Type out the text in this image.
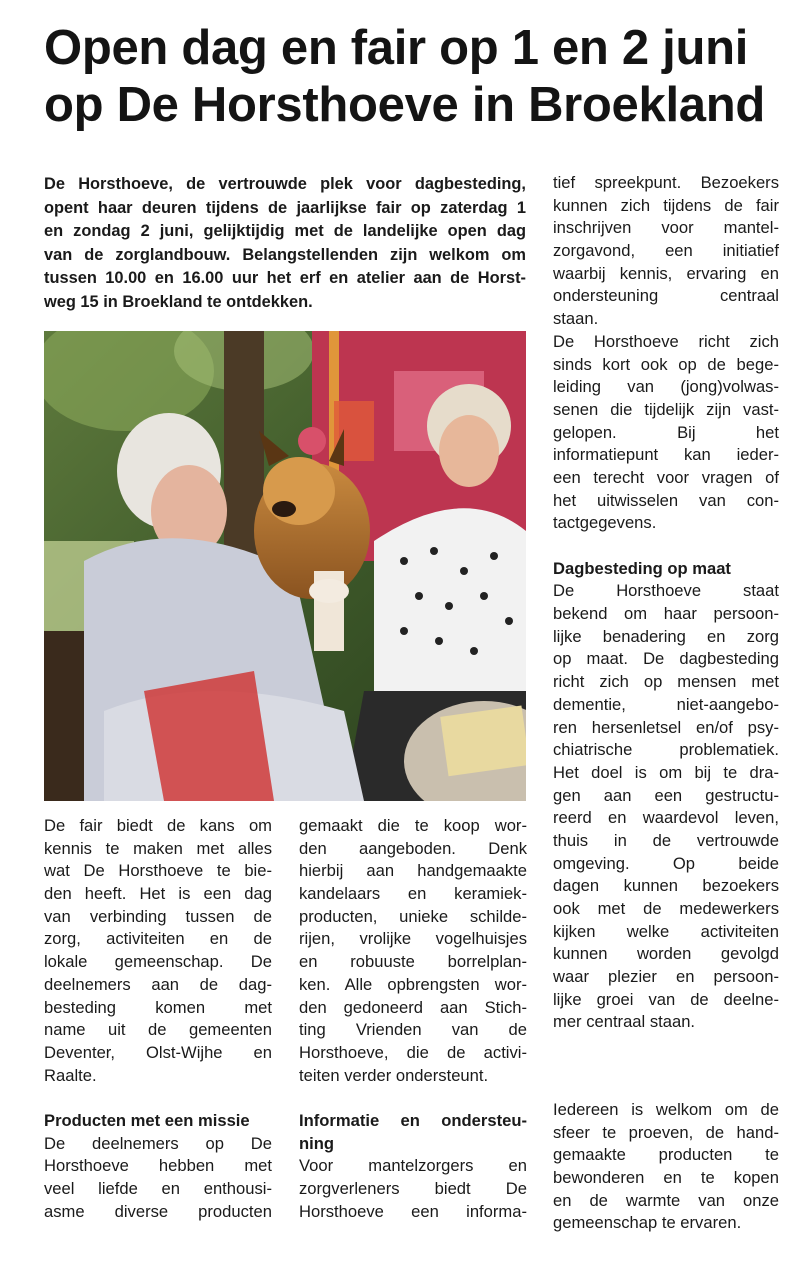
Open dag en fair op 1 en 2 juni
op De Horsthoeve in Broekland
De Horsthoeve, de vertrouwde plek voor dagbesteding,
opent haar deuren tijdens de jaarlijkse fair op zaterdag 1
en zondag 2 juni, gelijktijdig met de landelijke open dag
van de zorglandbouw. Belangstellenden zijn welkom om
tussen 10.00 en 16.00 uur het erf en atelier aan de Horst-
weg 15 in Broekland te ontdekken.
De fair biedt de kans om
kennis te maken met alles
wat De Horsthoeve te bie-
den heeft. Het is een dag
van verbinding tussen de
zorg, activiteiten en de
lokale gemeenschap. De
deelnemers aan de dag-
besteding komen met
name uit de gemeenten
Deventer, Olst-Wijhe en
Raalte.
Producten met een missie
De deelnemers op De
Horsthoeve hebben met
veel liefde en enthousi-
asme diverse producten
gemaakt die te koop wor-
den aangeboden. Denk
hierbij aan handgemaakte
kandelaars en keramiek-
producten, unieke schilde-
rijen, vrolijke vogelhuisjes
en robuuste borrelplan-
ken. Alle opbrengsten wor-
den gedoneerd aan Stich-
ting Vrienden van de
Horsthoeve, die de activi-
teiten verder ondersteunt.
Informatie en ondersteu-
ning
Voor mantelzorgers en
zorgverleners biedt De
Horsthoeve een informa-
tief spreekpunt. Bezoekers
kunnen zich tijdens de fair
inschrijven voor mantel-
zorgavond, een initiatief
waarbij kennis, ervaring en
ondersteuning centraal
staan.
De Horsthoeve richt zich
sinds kort ook op de bege-
leiding van (jong)volwas-
senen die tijdelijk zijn vast-
gelopen. Bij het
informatiepunt kan ieder-
een terecht voor vragen of
het uitwisselen van con-
tactgegevens.
Dagbesteding op maat
De Horsthoeve staat
bekend om haar persoon-
lijke benadering en zorg
op maat. De dagbesteding
richt zich op mensen met
dementie, niet-aangebo-
ren hersenletsel en/of psy-
chiatrische problematiek.
Het doel is om bij te dra-
gen aan een gestructu-
reerd en waardevol leven,
thuis in de vertrouwde
omgeving. Op beide
dagen kunnen bezoekers
ook met de medewerkers
kijken welke activiteiten
kunnen worden gevolgd
waar plezier en persoon-
lijke groei van de deelne-
mer centraal staan.
Iedereen is welkom om de
sfeer te proeven, de hand-
gemaakte producten te
bewonderen en te kopen
en de warmte van onze
gemeenschap te ervaren.
